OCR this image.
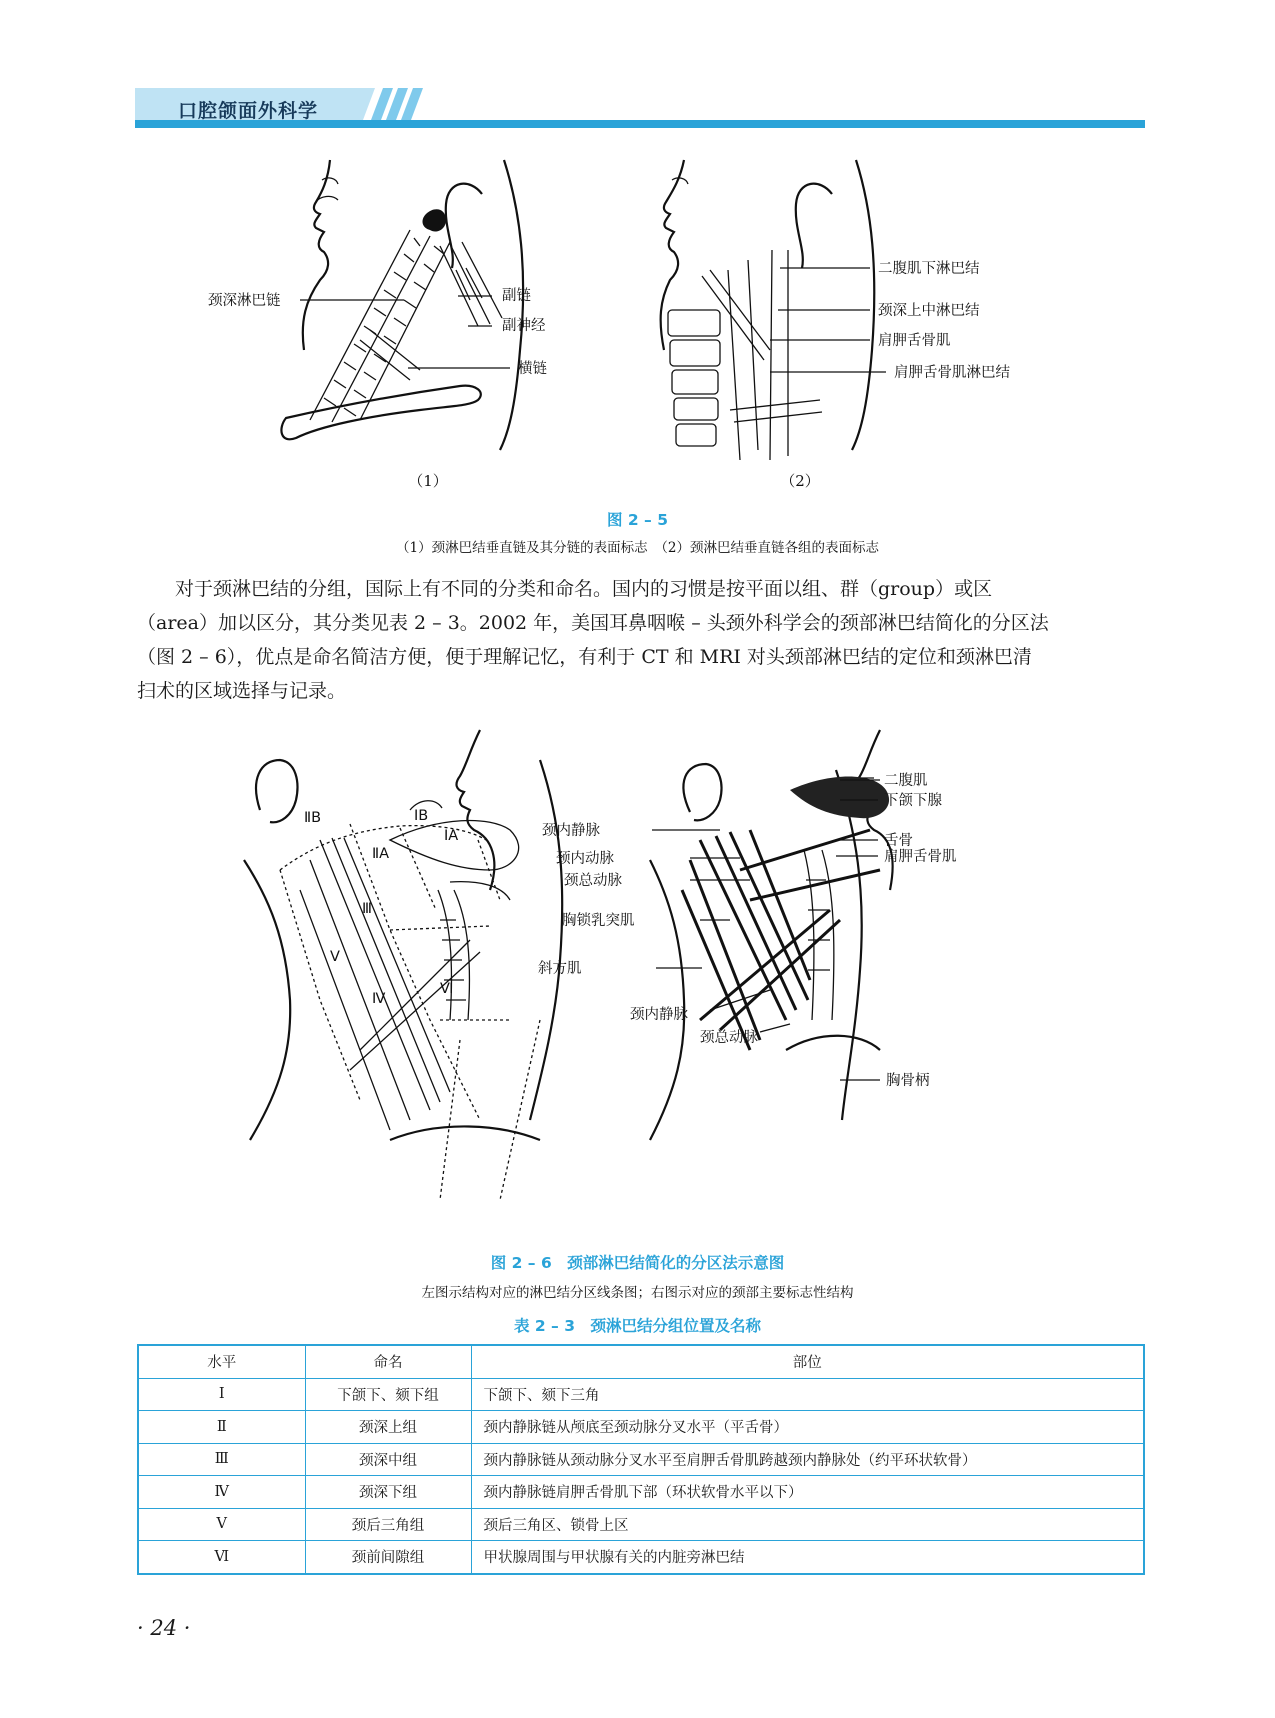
口腔颌面外科学
颈深淋巴链	副链
副神经
横链
（1）
二腹肌下淋巴结
颈深上中淋巴结
肩胛舌骨肌
肩胛舌骨肌淋巴结
（2）
图 2 – 5
（1）颈淋巴结垂直链及其分链的表面标志　（2）颈淋巴结垂直链各组的表面标志
对于颈淋巴结的分组，国际上有不同的分类和命名。国内的习惯是按平面以组、群（group）或区
（area）加以区分，其分类见表 2 – 3。2002 年，美国耳鼻咽喉 – 头颈外科学会的颈部淋巴结简化的分区法
（图 2 – 6），优点是命名简洁方便，便于理解记忆，有利于 CT 和 MRI 对头颈部淋巴结的定位和颈淋巴清
扫术的区域选择与记录。
ⅠB
ⅠA
ⅡB
ⅡA
Ⅲ
Ⅳ
Ⅴ
Ⅵ
二腹肌
下颌下腺
颈内静脉
舌骨
颈内动脉	肩胛舌骨肌
颈总动脉
胸锁乳突肌
斜方肌
颈内静脉
颈总动脉
胸骨柄
图 2 – 6　颈部淋巴结简化的分区法示意图
左图示结构对应的淋巴结分区线条图；右图示对应的颈部主要标志性结构
表 2 – 3　颈淋巴结分组位置及名称
水平	命名	部位
Ⅰ	下颌下、颏下组	下颌下、颏下三角
Ⅱ	颈深上组	颈内静脉链从颅底至颈动脉分叉水平（平舌骨）
Ⅲ	颈深中组	颈内静脉链从颈动脉分叉水平至肩胛舌骨肌跨越颈内静脉处（约平环状软骨）
Ⅳ	颈深下组	颈内静脉链肩胛舌骨肌下部（环状软骨水平以下）
Ⅴ	颈后三角组	颈后三角区、锁骨上区
Ⅵ	颈前间隙组	甲状腺周围与甲状腺有关的内脏旁淋巴结
· 24 ·
